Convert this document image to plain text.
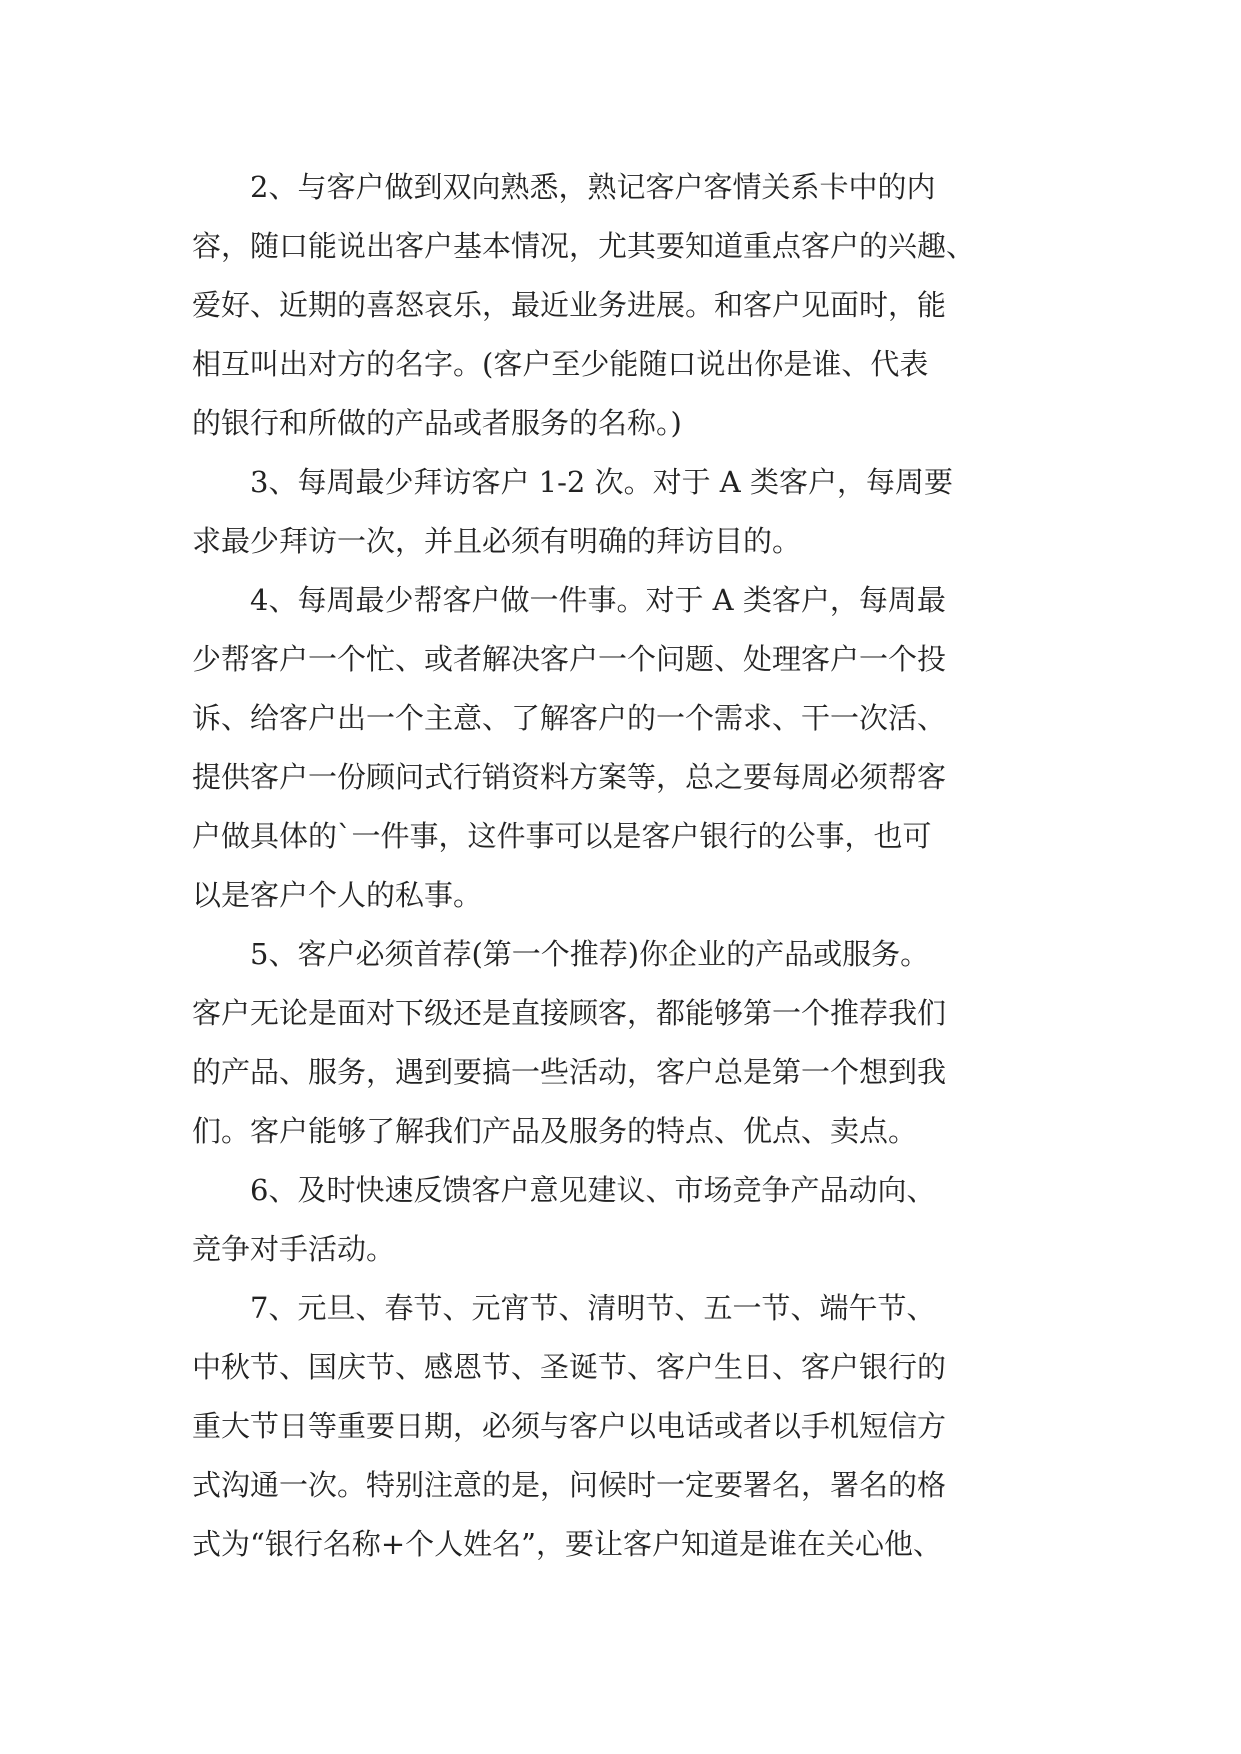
2、与客户做到双向熟悉，熟记客户客情关系卡中的内
容，随口能说出客户基本情况，尤其要知道重点客户的兴趣、
爱好、近期的喜怒哀乐，最近业务进展。和客户见面时，能
相互叫出对方的名字。(客户至少能随口说出你是谁、代表
的银行和所做的产品或者服务的名称。)
3、每周最少拜访客户 1-2 次。对于 A 类客户，每周要
求最少拜访一次，并且必须有明确的拜访目的。
4、每周最少帮客户做一件事。对于 A 类客户，每周最
少帮客户一个忙、或者解决客户一个问题、处理客户一个投
诉、给客户出一个主意、了解客户的一个需求、干一次活、
提供客户一份顾问式行销资料方案等，总之要每周必须帮客
户做具体的`一件事，这件事可以是客户银行的公事，也可
以是客户个人的私事。
5、客户必须首荐(第一个推荐)你企业的产品或服务。
客户无论是面对下级还是直接顾客，都能够第一个推荐我们
的产品、服务，遇到要搞一些活动，客户总是第一个想到我
们。客户能够了解我们产品及服务的特点、优点、卖点。
6、及时快速反馈客户意见建议、市场竞争产品动向、
竞争对手活动。
7、元旦、春节、元宵节、清明节、五一节、端午节、
中秋节、国庆节、感恩节、圣诞节、客户生日、客户银行的
重大节日等重要日期，必须与客户以电话或者以手机短信方
式沟通一次。特别注意的是，问候时一定要署名，署名的格
式为“银行名称+个人姓名”，要让客户知道是谁在关心他、
